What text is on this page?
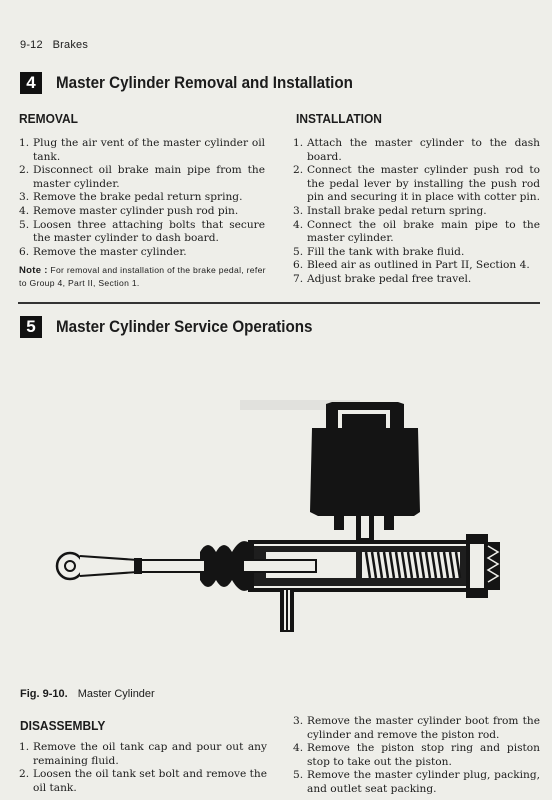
9-12 Brakes
4	Master Cylinder Removal and Installation
REMOVAL
1. Plug the air vent of the master cylinder oil tank.
2. Disconnect oil brake main pipe from the master cylinder.
3. Remove the brake pedal return spring.
4. Remove master cylinder push rod pin.
5. Loosen three attaching bolts that secure the master cylinder to dash board.
6. Remove the master cylinder.
Note : For removal and installation of the brake pedal, refer to Group 4, Part II, Section 1.
INSTALLATION
1. Attach the master cylinder to the dash board.
2. Connect the master cylinder push rod to the pedal lever by installing the push rod pin and securing it in place with cotter pin.
3. Install brake pedal return spring.
4. Connect the oil brake main pipe to the master cylinder.
5. Fill the tank with brake fluid.
6. Bleed air as outlined in Part II, Section 4.
7. Adjust brake pedal free travel.
5	Master Cylinder Service Operations
Fig. 9-10. Master Cylinder
DISASSEMBLY
1. Remove the oil tank cap and pour out any remaining fluid.
2. Loosen the oil tank set bolt and remove the oil tank.
3. Remove the master cylinder boot from the cylinder and remove the piston rod.
4. Remove the piston stop ring and piston stop to take out the piston.
5. Remove the master cylinder plug, packing, and outlet seat packing.
